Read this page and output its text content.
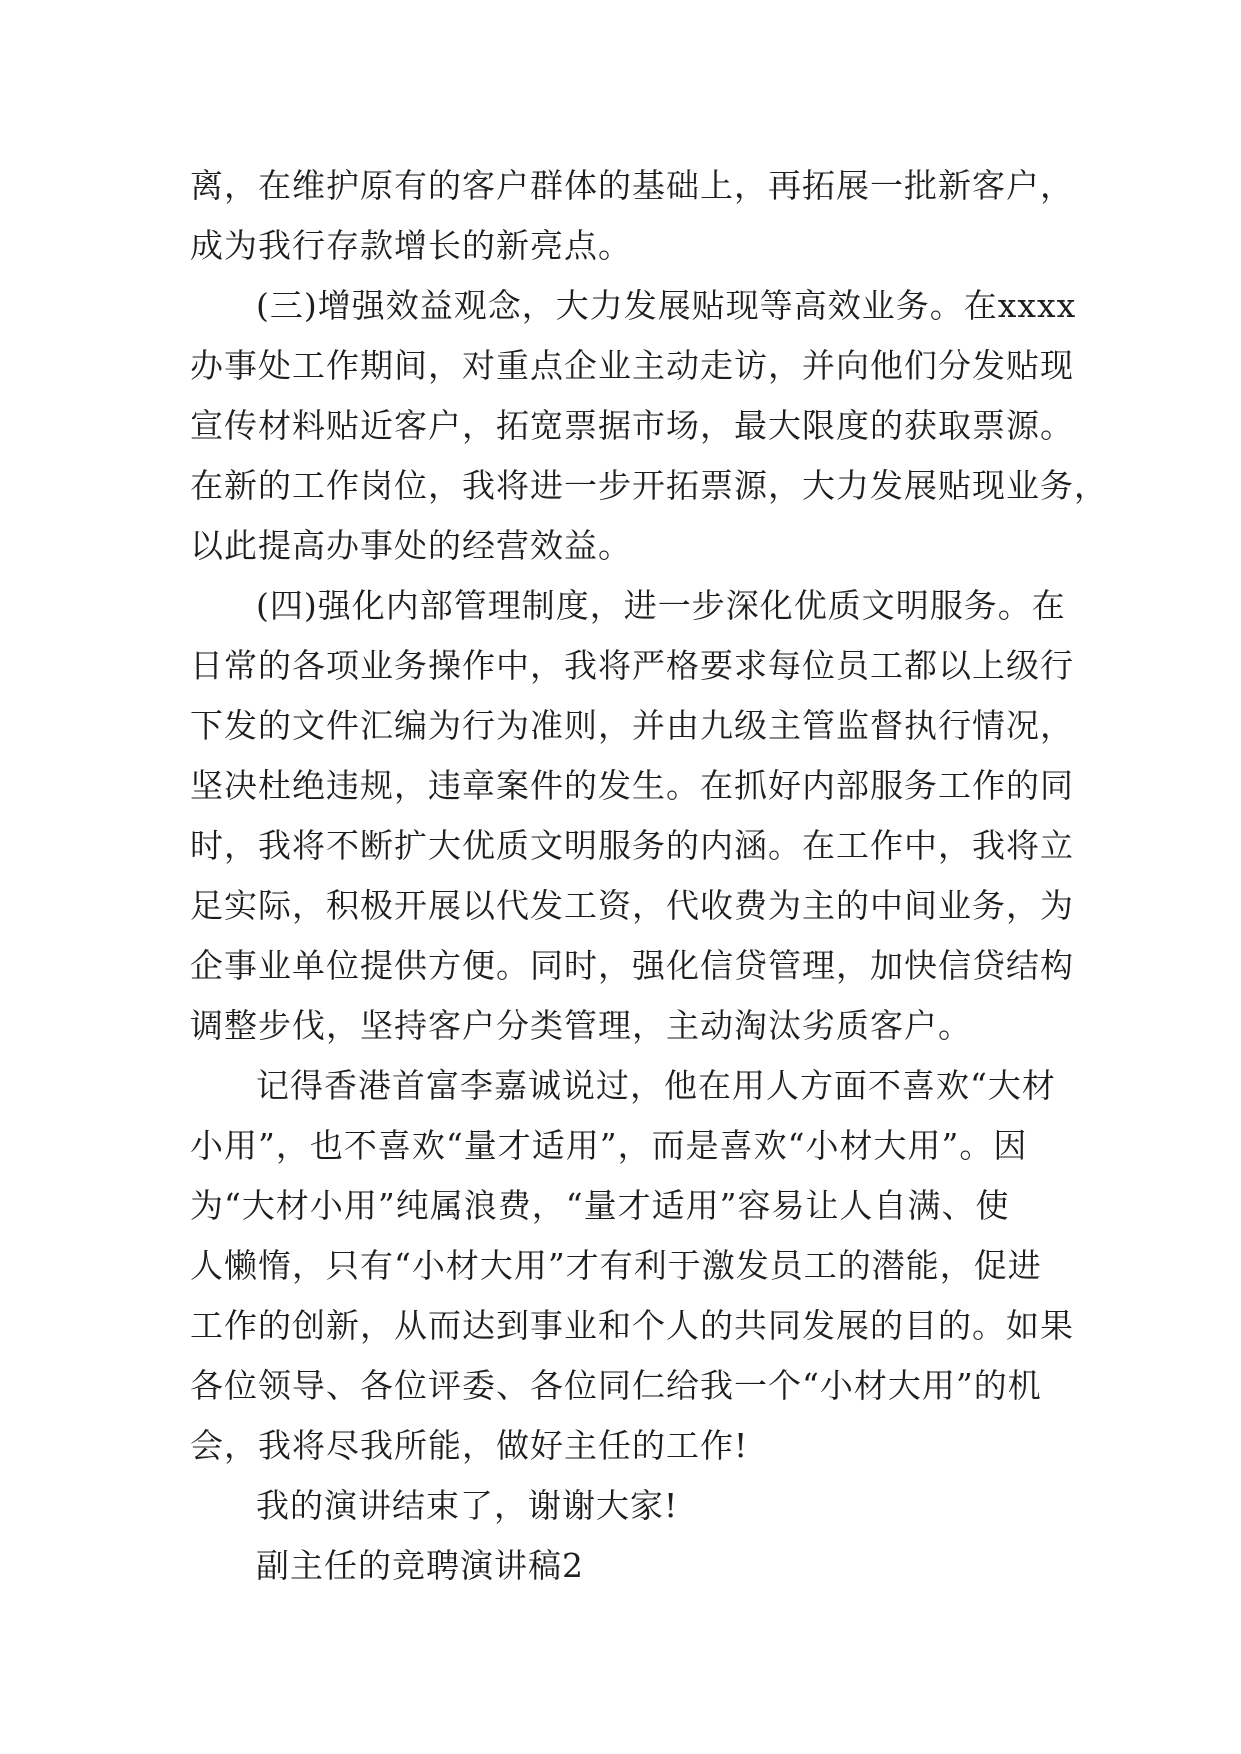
离，在维护原有的客户群体的基础上，再拓展一批新客户，
成为我行存款增长的新亮点。
(三)增强效益观念，大力发展贴现等高效业务。在xxxx
办事处工作期间，对重点企业主动走访，并向他们分发贴现
宣传材料贴近客户，拓宽票据市场，最大限度的获取票源。
在新的工作岗位，我将进一步开拓票源，大力发展贴现业务，
以此提高办事处的经营效益。
(四)强化内部管理制度，进一步深化优质文明服务。在
日常的各项业务操作中，我将严格要求每位员工都以上级行
下发的文件汇编为行为准则，并由九级主管监督执行情况，
坚决杜绝违规，违章案件的发生。在抓好内部服务工作的同
时，我将不断扩大优质文明服务的内涵。在工作中，我将立
足实际，积极开展以代发工资，代收费为主的中间业务，为
企事业单位提供方便。同时，强化信贷管理，加快信贷结构
调整步伐，坚持客户分类管理，主动淘汰劣质客户。
记得香港首富李嘉诚说过，他在用人方面不喜欢“大材
小用”，也不喜欢“量才适用”，而是喜欢“小材大用”。因
为“大材小用”纯属浪费，“量才适用”容易让人自满、使
人懒惰，只有“小材大用”才有利于激发员工的潜能，促进
工作的创新，从而达到事业和个人的共同发展的目的。如果
各位领导、各位评委、各位同仁给我一个“小材大用”的机
会，我将尽我所能，做好主任的工作!
我的演讲结束了，谢谢大家!
副主任的竞聘演讲稿2
